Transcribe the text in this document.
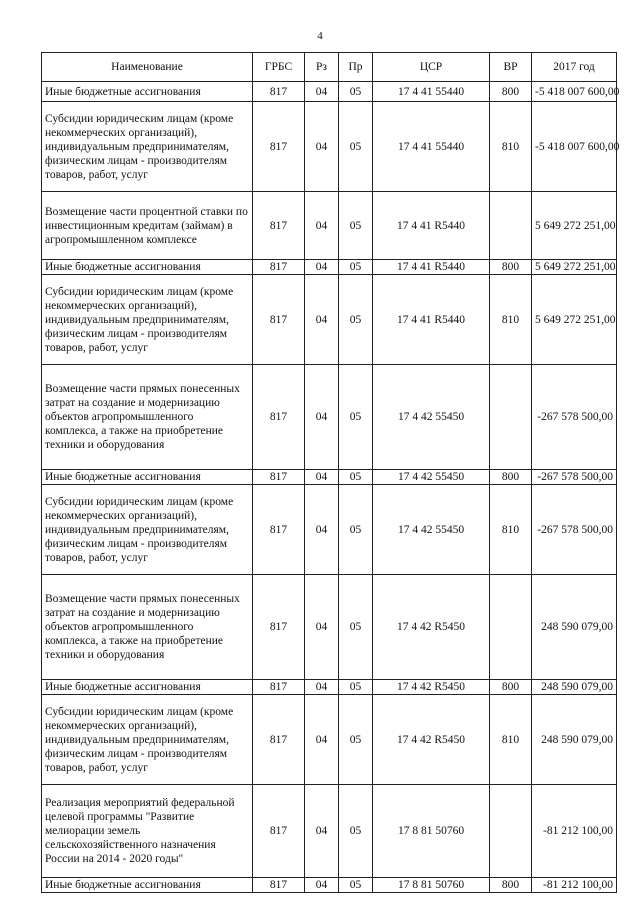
4
Наименование	ГРБС	Рз	Пр	ЦСР	ВР	2017 год
Иные бюджетные ассигнования	817	04	05	17 4 41 55440	800	-5 418 007 600,00
Субсидии юридическим лицам (кроме некоммерческих организаций), индивидуальным предпринимателям, физическим лицам - производителям товаров, работ, услуг	817	04	05	17 4 41 55440	810	-5 418 007 600,00
Возмещение части процентной ставки по инвестиционным кредитам (займам) в агропромышленном комплексе	817	04	05	17 4 41 R5440		5 649 272 251,00
Иные бюджетные ассигнования	817	04	05	17 4 41 R5440	800	5 649 272 251,00
Субсидии юридическим лицам (кроме некоммерческих организаций), индивидуальным предпринимателям, физическим лицам - производителям товаров, работ, услуг	817	04	05	17 4 41 R5440	810	5 649 272 251,00
Возмещение части прямых понесенных затрат на создание и модернизацию объектов агропромышленного комплекса, а также на приобретение техники и оборудования	817	04	05	17 4 42 55450		-267 578 500,00
Иные бюджетные ассигнования	817	04	05	17 4 42 55450	800	-267 578 500,00
Субсидии юридическим лицам (кроме некоммерческих организаций), индивидуальным предпринимателям, физическим лицам - производителям товаров, работ, услуг	817	04	05	17 4 42 55450	810	-267 578 500,00
Возмещение части прямых понесенных затрат на создание и модернизацию объектов агропромышленного комплекса, а также на приобретение техники и оборудования	817	04	05	17 4 42 R5450		248 590 079,00
Иные бюджетные ассигнования	817	04	05	17 4 42 R5450	800	248 590 079,00
Субсидии юридическим лицам (кроме некоммерческих организаций), индивидуальным предпринимателям, физическим лицам - производителям товаров, работ, услуг	817	04	05	17 4 42 R5450	810	248 590 079,00
Реализация мероприятий федеральной целевой программы "Развитие мелиорации земель сельскохозяйственного назначения России на 2014 - 2020 годы"	817	04	05	17 8 81 50760		-81 212 100,00
Иные бюджетные ассигнования	817	04	05	17 8 81 50760	800	-81 212 100,00
